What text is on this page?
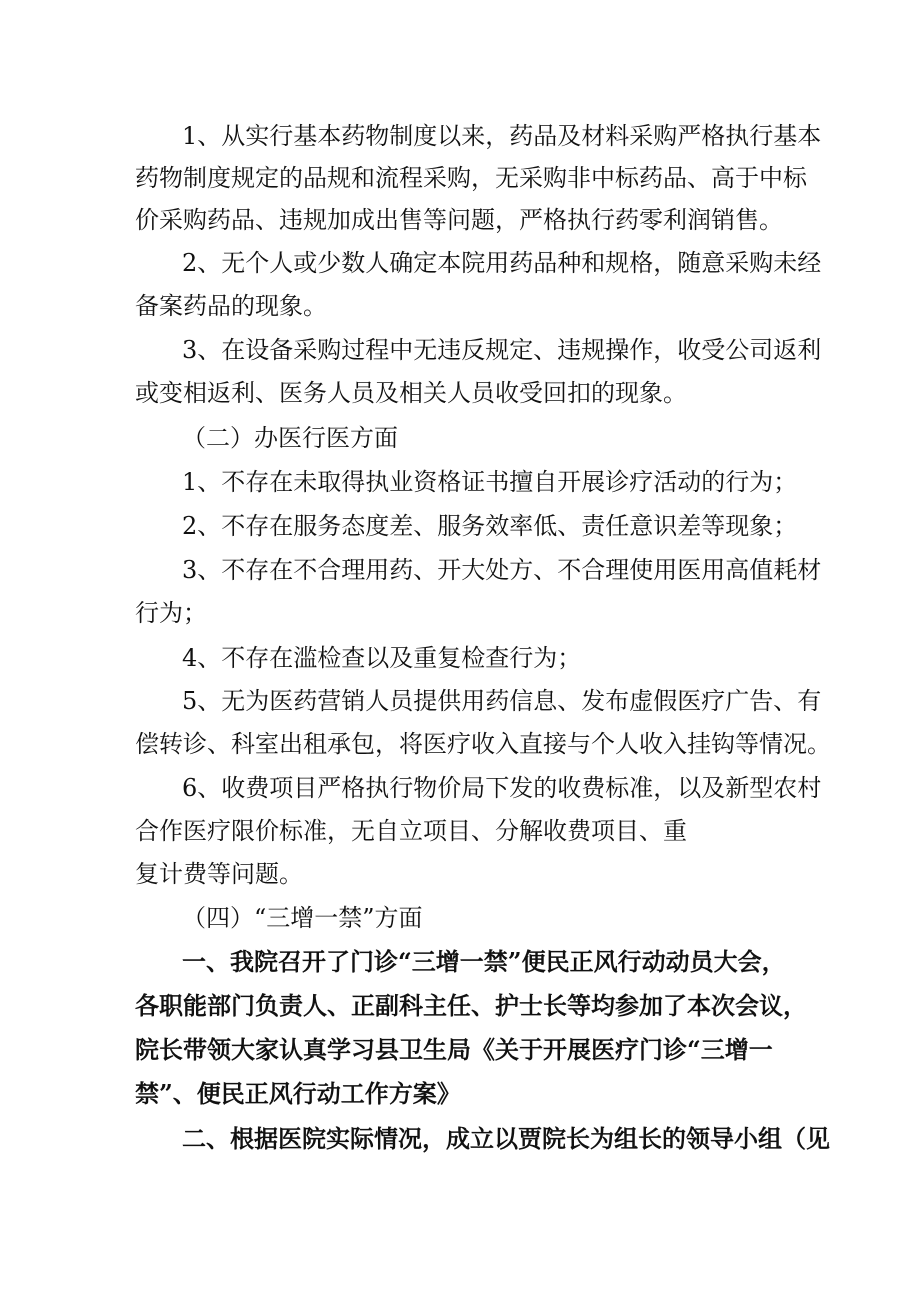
1、从实行基本药物制度以来，药品及材料采购严格执行基本
药物制度规定的品规和流程采购，无采购非中标药品、高于中标
价采购药品、违规加成出售等问题，严格执行药零利润销售。
2、无个人或少数人确定本院用药品种和规格，随意采购未经
备案药品的现象。
3、在设备采购过程中无违反规定、违规操作，收受公司返利
或变相返利、医务人员及相关人员收受回扣的现象。
（二）办医行医方面
1、不存在未取得执业资格证书擅自开展诊疗活动的行为；
2、不存在服务态度差、服务效率低、责任意识差等现象；
3、不存在不合理用药、开大处方、不合理使用医用高值耗材
行为；
4、不存在滥检查以及重复检查行为；
5、无为医药营销人员提供用药信息、发布虚假医疗广告、有
偿转诊、科室出租承包，将医疗收入直接与个人收入挂钩等情况。
6、收费项目严格执行物价局下发的收费标准，以及新型农村
合作医疗限价标准，无自立项目、分解收费项目、重
复计费等问题。
（四）“三增一禁”方面
一、我院召开了门诊“三增一禁”便民正风行动动员大会，
各职能部门负责人、正副科主任、护士长等均参加了本次会议，
院长带领大家认真学习县卫生局《关于开展医疗门诊“三增一
禁”、便民正风行动工作方案》
二、根据医院实际情况，成立以贾院长为组长的领导小组（见
